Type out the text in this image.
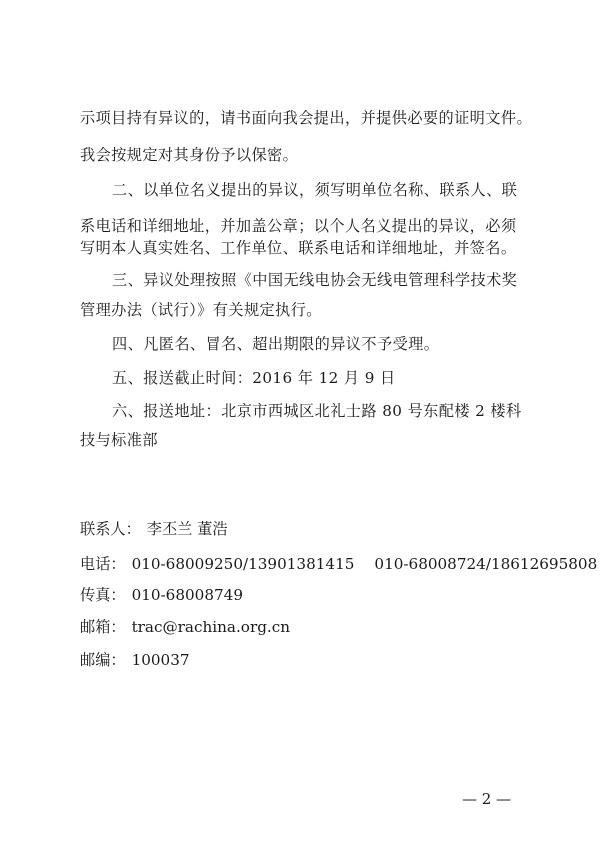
示项目持有异议的，请书面向我会提出，并提供必要的证明文件。
我会按规定对其身份予以保密。
二、以单位名义提出的异议，须写明单位名称、联系人、联
系电话和详细地址，并加盖公章；以个人名义提出的异议，必须
写明本人真实姓名、工作单位、联系电话和详细地址，并签名。
三、异议处理按照《中国无线电协会无线电管理科学技术奖
管理办法（试行）》有关规定执行。
四、凡匿名、冒名、超出期限的异议不予受理。
五、报送截止时间：2016 年 12 月 9 日
六、报送地址：北京市西城区北礼士路 80 号东配楼 2 楼科
技与标准部
联系人： 李丕兰 董浩
电话： 010-68009250/13901381415 010-68008724/18612695808
传真： 010-68008749
邮箱： trac@rachina.org.cn
邮编： 100037
— 2 —
